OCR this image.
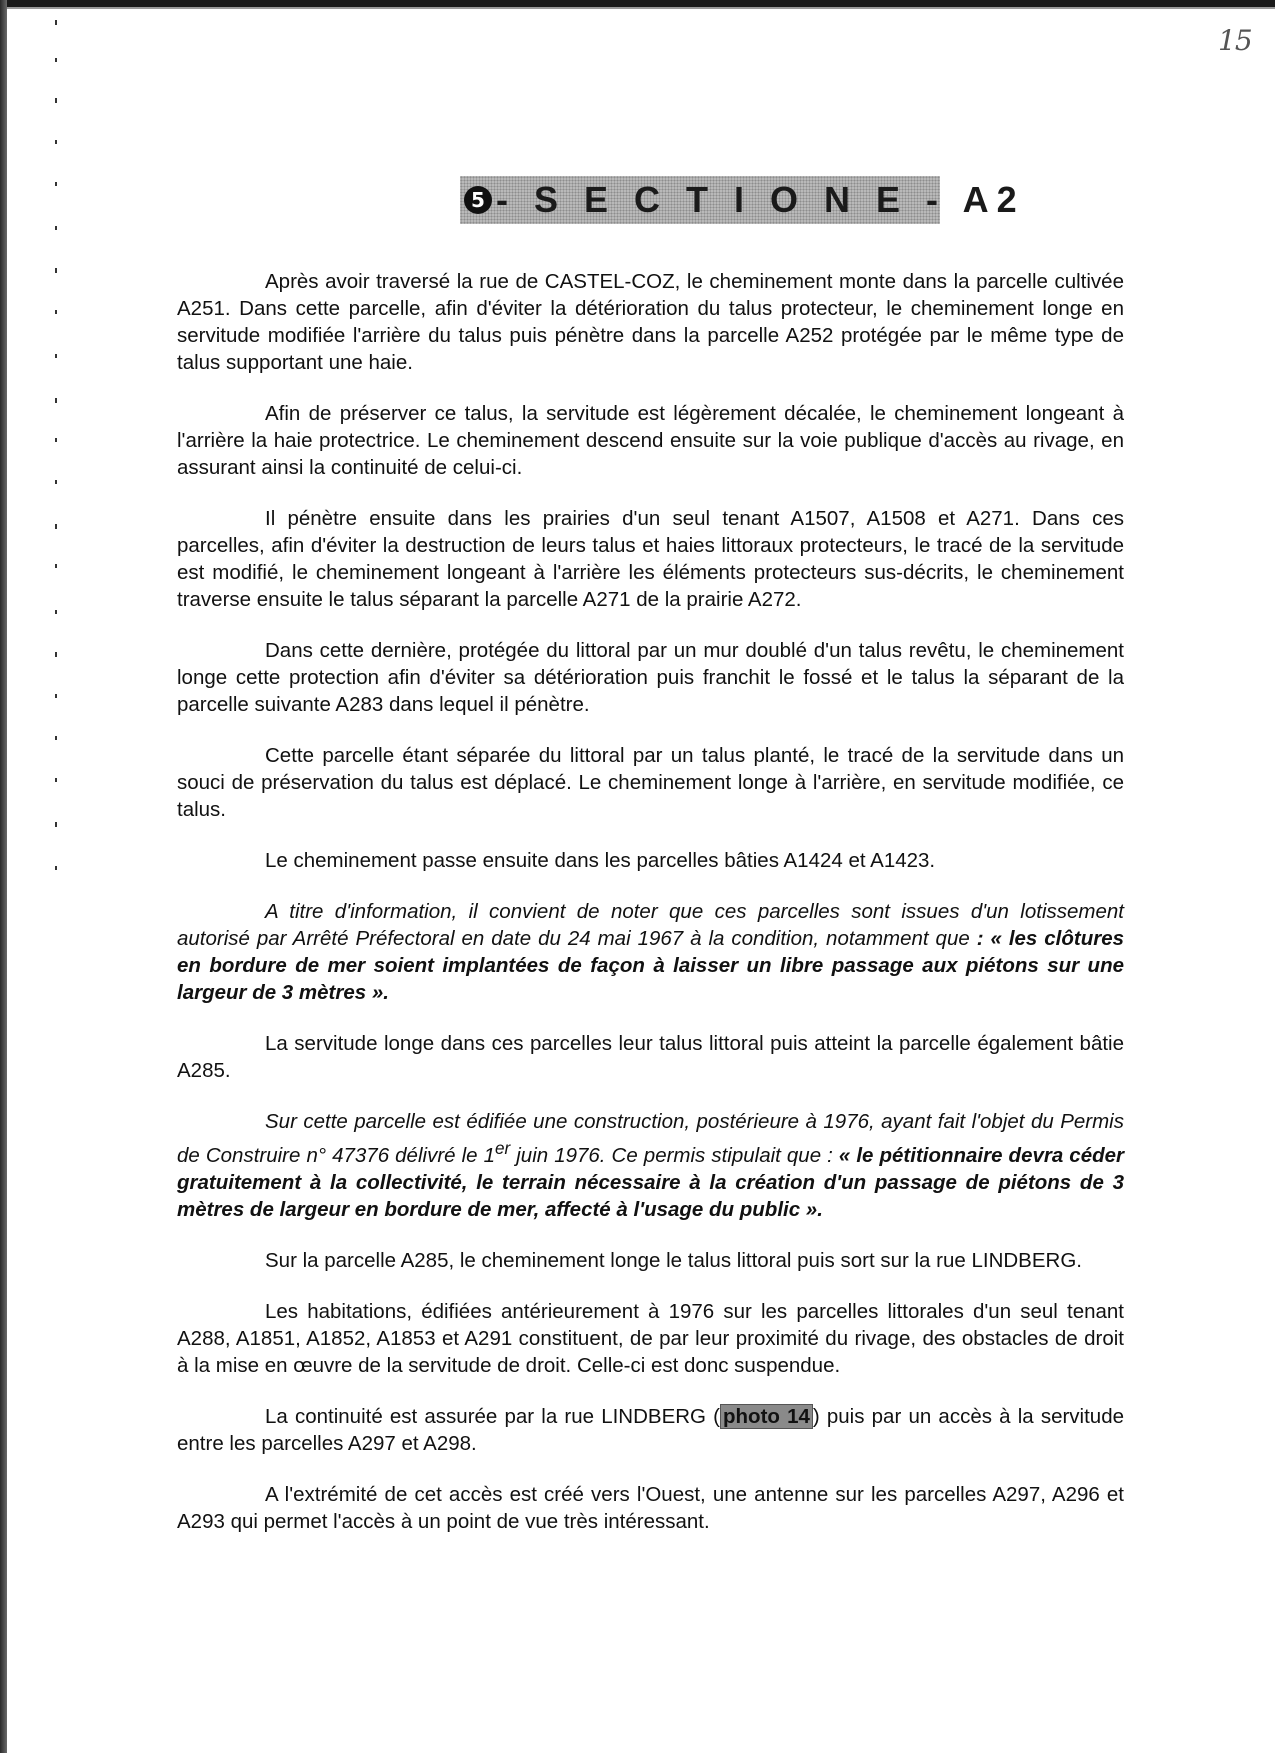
15
5 - S E C T I O N E - A2

Après avoir traversé la rue de CASTEL-COZ, le cheminement monte dans la parcelle cultivée A251. Dans cette parcelle, afin d'éviter la détérioration du talus protecteur, le cheminement longe en servitude modifiée l'arrière du talus puis pénètre dans la parcelle A252 protégée par le même type de talus supportant une haie.

Afin de préserver ce talus, la servitude est légèrement décalée, le cheminement longeant à l'arrière la haie protectrice. Le cheminement descend ensuite sur la voie publique d'accès au rivage, en assurant ainsi la continuité de celui-ci.

Il pénètre ensuite dans les prairies d'un seul tenant A1507, A1508 et A271. Dans ces parcelles, afin d'éviter la destruction de leurs talus et haies littoraux protecteurs, le tracé de la servitude est modifié, le cheminement longeant à l'arrière les éléments protecteurs sus-décrits, le cheminement traverse ensuite le talus séparant la parcelle A271 de la prairie A272.

Dans cette dernière, protégée du littoral par un mur doublé d'un talus revêtu, le cheminement longe cette protection afin d'éviter sa détérioration puis franchit le fossé et le talus la séparant de la parcelle suivante A283 dans lequel il pénètre.

Cette parcelle étant séparée du littoral par un talus planté, le tracé de la servitude dans un souci de préservation du talus est déplacé. Le cheminement longe à l'arrière, en servitude modifiée, ce talus.

Le cheminement passe ensuite dans les parcelles bâties A1424 et A1423.

A titre d'information, il convient de noter que ces parcelles sont issues d'un lotissement autorisé par Arrêté Préfectoral en date du 24 mai 1967 à la condition, notamment que : « les clôtures en bordure de mer soient implantées de façon à laisser un libre passage aux piétons sur une largeur de 3 mètres ».

La servitude longe dans ces parcelles leur talus littoral puis atteint la parcelle également bâtie A285.

Sur cette parcelle est édifiée une construction, postérieure à 1976, ayant fait l'objet du Permis de Construire n° 47376 délivré le 1er juin 1976. Ce permis stipulait que : « le pétitionnaire devra céder gratuitement à la collectivité, le terrain nécessaire à la création d'un passage de piétons de 3 mètres de largeur en bordure de mer, affecté à l'usage du public ».

Sur la parcelle A285, le cheminement longe le talus littoral puis sort sur la rue LINDBERG.

Les habitations, édifiées antérieurement à 1976 sur les parcelles littorales d'un seul tenant A288, A1851, A1852, A1853 et A291 constituent, de par leur proximité du rivage, des obstacles de droit à la mise en œuvre de la servitude de droit. Celle-ci est donc suspendue.

La continuité est assurée par la rue LINDBERG ( photo 14 ) puis par un accès à la servitude entre les parcelles A297 et A298.

A l'extrémité de cet accès est créé vers l'Ouest, une antenne sur les parcelles A297, A296 et A293 qui permet l'accès à un point de vue très intéressant.
